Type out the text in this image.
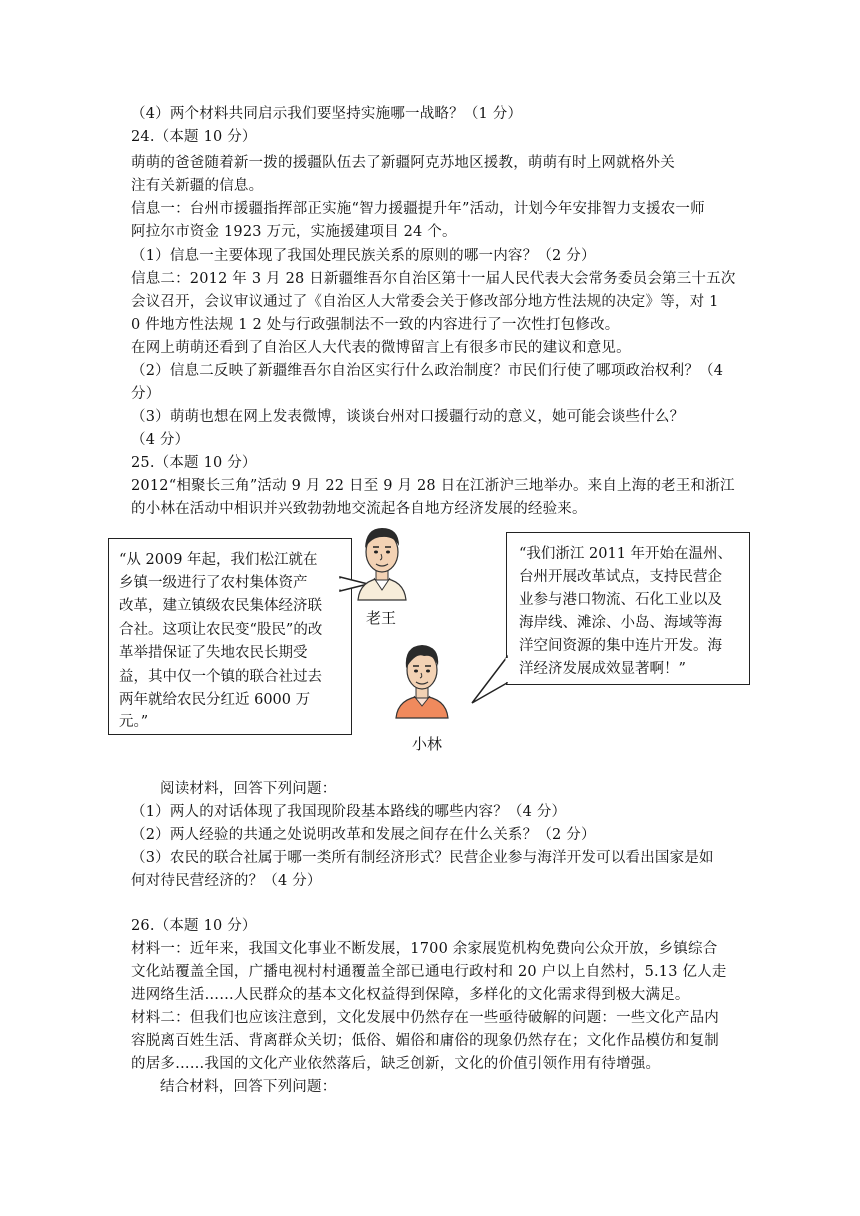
（4）两个材料共同启示我们要坚持实施哪一战略？（1 分）
24.（本题 10 分）
萌萌的爸爸随着新一拨的援疆队伍去了新疆阿克苏地区援教，萌萌有时上网就格外关
注有关新疆的信息。
信息一：台州市援疆指挥部正实施“智力援疆提升年”活动，计划今年安排智力支援农一师
阿拉尔市资金 1923 万元，实施援建项目 24 个。
（1）信息一主要体现了我国处理民族关系的原则的哪一内容？（2 分）
信息二：2012 年 3 月 28 日新疆维吾尔自治区第十一届人民代表大会常务委员会第三十五次
会议召开，会议审议通过了《自治区人大常委会关于修改部分地方性法规的决定》等，对 1
0 件地方性法规 1 2 处与行政强制法不一致的内容进行了一次性打包修改。
在网上萌萌还看到了自治区人大代表的微博留言上有很多市民的建议和意见。
（2）信息二反映了新疆维吾尔自治区实行什么政治制度？市民们行使了哪项政治权利？（4
分）
（3）萌萌也想在网上发表微博，谈谈台州对口援疆行动的意义，她可能会谈些什么？
（4 分）
25.（本题 10 分）
2012“相聚长三角”活动 9 月 22 日至 9 月 28 日在江浙沪三地举办。来自上海的老王和浙江
的小林在活动中相识并兴致勃勃地交流起各自地方经济发展的经验来。
“从 2009 年起，我们松江就在
乡镇一级进行了农村集体资产
改革，建立镇级农民集体经济联
合社。这项让农民变“股民”的改
革举措保证了失地农民长期受
益，其中仅一个镇的联合社过去
两年就给农民分红近 6000 万
元。”
“我们浙江 2011 年开始在温州、
台州开展改革试点，支持民营企
业参与港口物流、石化工业以及
海岸线、滩涂、小岛、海域等海
洋空间资源的集中连片开发。海
洋经济发展成效显著啊！”
老王
小林
阅读材料，回答下列问题：
（1）两人的对话体现了我国现阶段基本路线的哪些内容？（4 分）
（2）两人经验的共通之处说明改革和发展之间存在什么关系？（2 分）
（3）农民的联合社属于哪一类所有制经济形式？民营企业参与海洋开发可以看出国家是如
何对待民营经济的？（4 分）
26.（本题 10 分）
材料一：近年来，我国文化事业不断发展，1700 余家展览机构免费向公众开放，乡镇综合
文化站覆盖全国，广播电视村村通覆盖全部已通电行政村和 20 户以上自然村，5.13 亿人走
进网络生活……人民群众的基本文化权益得到保障，多样化的文化需求得到极大满足。
材料二：但我们也应该注意到，文化发展中仍然存在一些亟待破解的问题：一些文化产品内
容脱离百姓生活、背离群众关切；低俗、媚俗和庸俗的现象仍然存在；文化作品模仿和复制
的居多……我国的文化产业依然落后，缺乏创新，文化的价值引领作用有待增强。
结合材料，回答下列问题：
